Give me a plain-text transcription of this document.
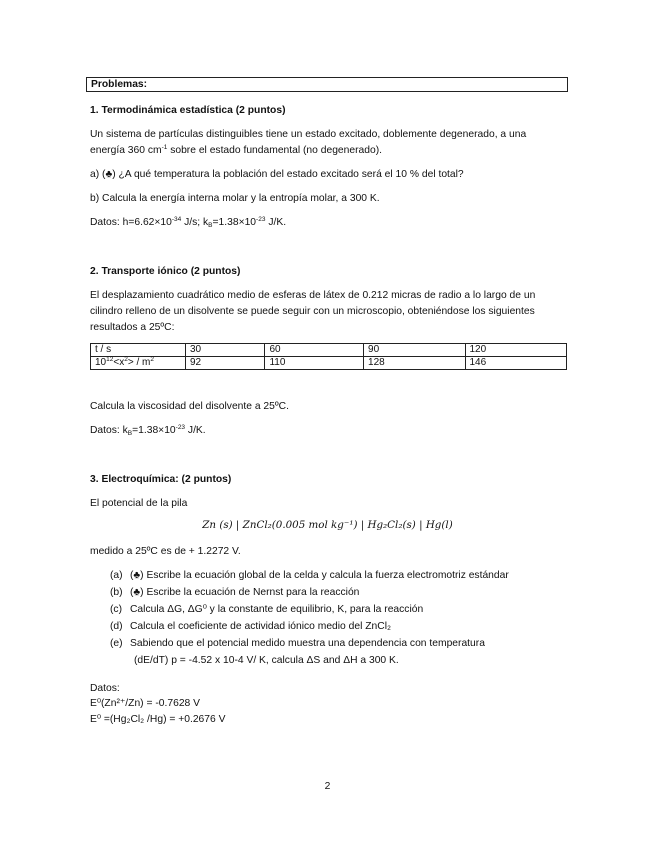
Problemas:
1. Termodinámica estadística (2 puntos)
Un sistema de partículas distinguibles tiene un estado excitado, doblemente degenerado, a una
energía 360 $cm^{-1}$ sobre el estado fundamental (no degenerado).
a) (♣) ¿A qué temperatura la población del estado excitado será el 10 % del total?
b) Calcula la energía interna molar y la entropía molar, a 300 K.
Datos: $h=6.62\times 10^{-34}$ J/s; $k_B=1.38\times 10^{-23}$ J/K.
2. Transporte iónico (2 puntos)
El desplazamiento cuadrático medio de esferas de látex de 0.212 micras de radio a lo largo de un
cilindro relleno de un disolvente se puede seguir con un microscopio, obteniéndose los siguientes
resultados a 25ºC:
t / s	30	60	90	120
$10^{12}<x^2> / m^2$	92	110	128	146
Calcula la viscosidad del disolvente a 25ºC.
Datos: $k_B=1.38\times 10^{-23}$ J/K.
3. Electroquímica: (2 puntos)
El potencial de la pila
Zn (s) | ZnCl₂(0.005 mol kg⁻¹) | Hg₂Cl₂(s) | Hg(l)
medido a 25ºC es de + 1.2272 V.
(a) (♣) Escribe la ecuación global de la celda y calcula la fuerza electromotriz estándar
(b) (♣) Escribe la ecuación de Nernst para la reacción
(c) Calcula ΔG, ΔG⁰ y la constante de equilibrio, K, para la reacción
(d) Calcula el coeficiente de actividad iónico medio del ZnCl₂
(e) Sabiendo que el potencial medido muestra una dependencia con temperatura
(dE/dT) p = -4.52 x 10-4 V/ K, calcula ΔS and ΔH a 300 K.
Datos:
E⁰(Zn²⁺/Zn) = -0.7628 V
E⁰ =(Hg₂Cl₂ /Hg) = +0.2676 V
2
